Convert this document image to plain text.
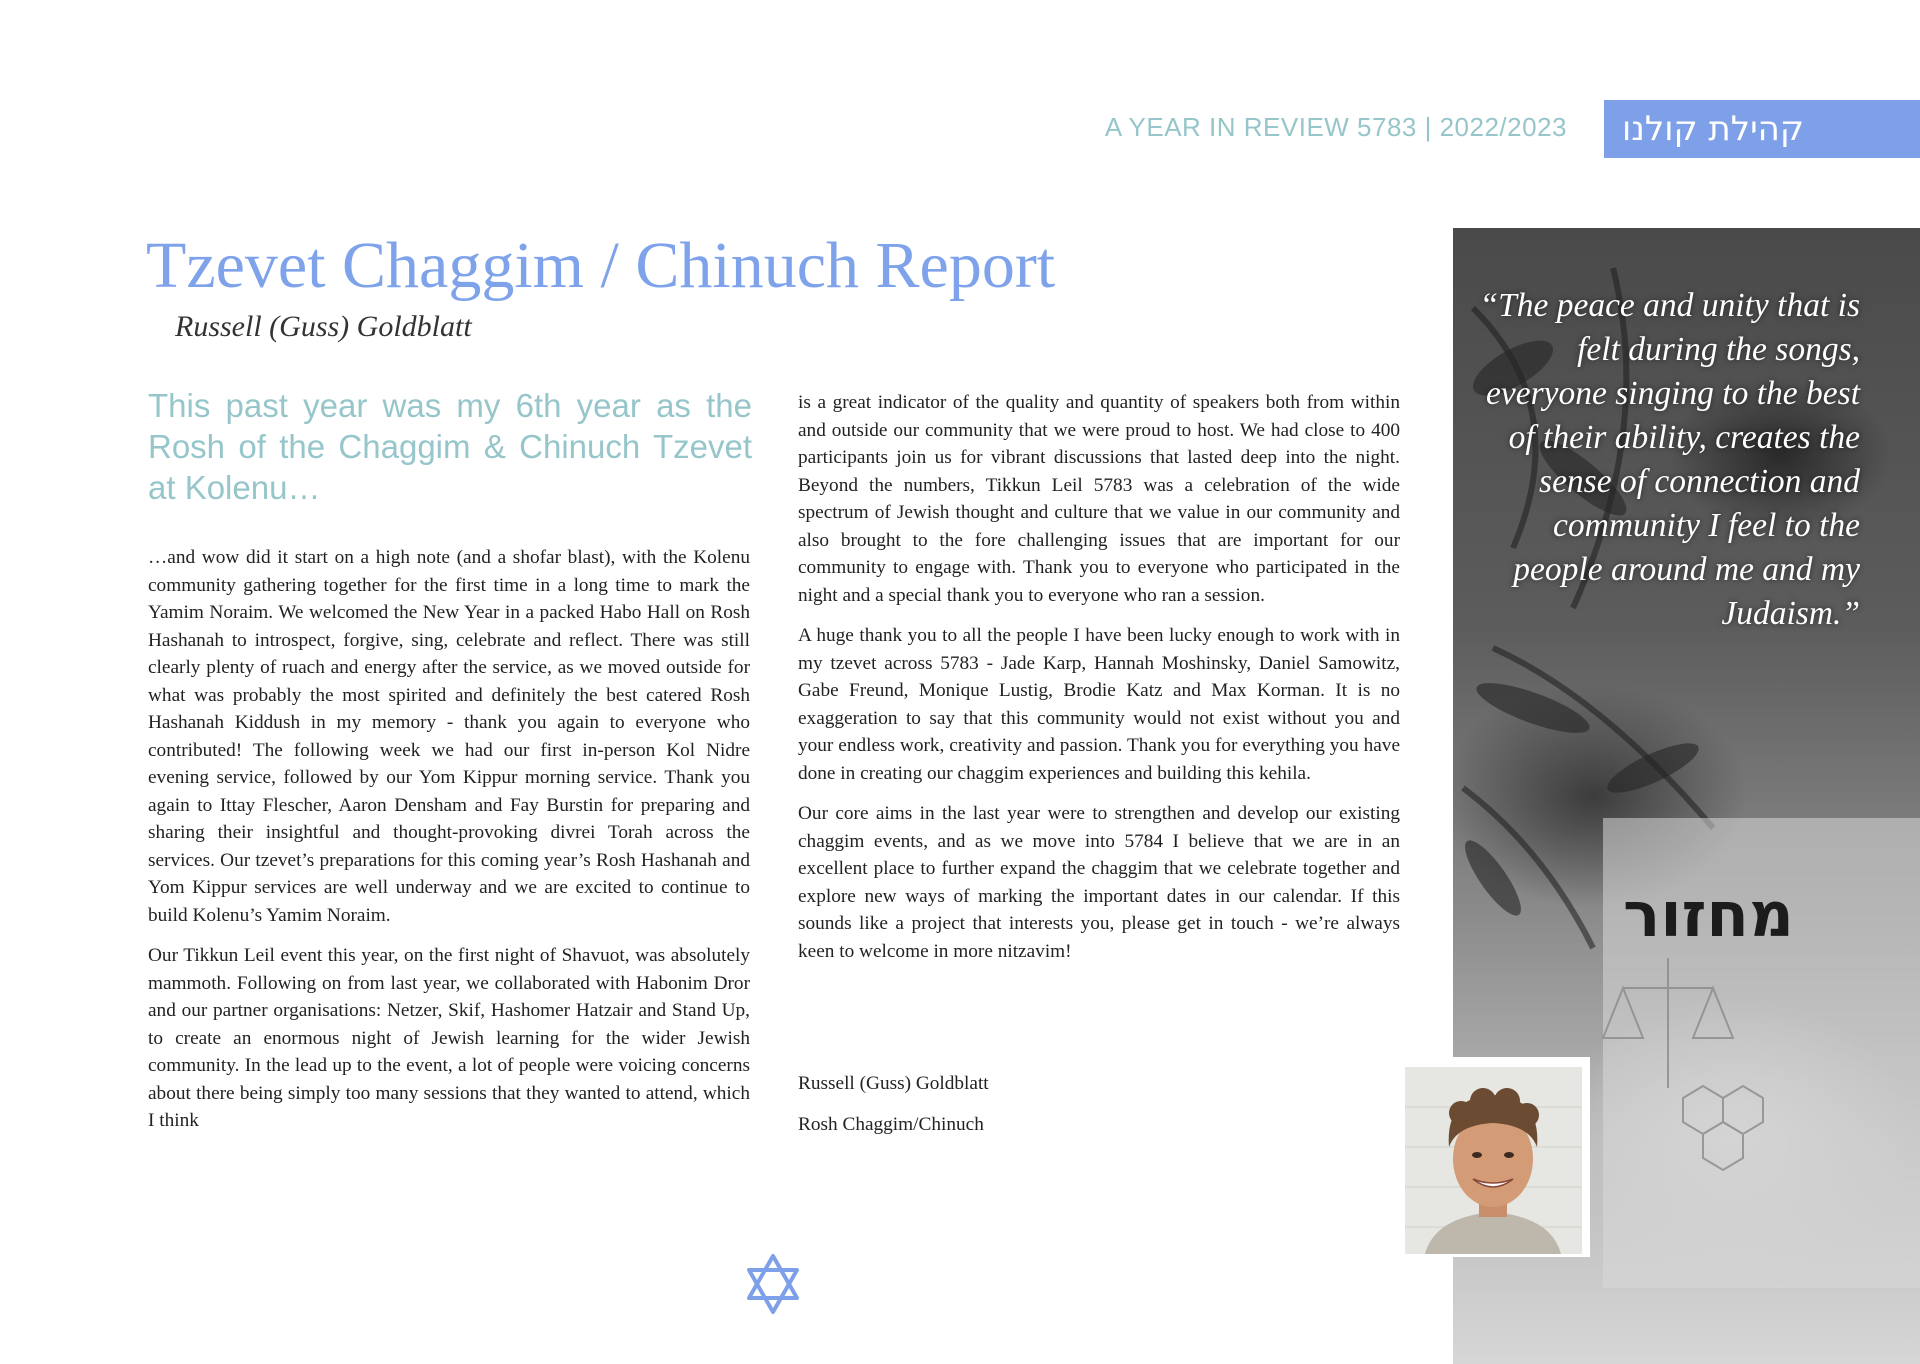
A YEAR IN REVIEW 5783 | 2022/2023 קהילת קולנו
Tzevet Chaggim / Chinuch Report
Russell (Guss) Goldblatt
This past year was my 6th year as the Rosh of the Chaggim & Chinuch Tzevet at Kolenu…

…and wow did it start on a high note (and a shofar blast), with the Kolenu community gathering together for the first time in a long time to mark the Yamim Noraim. We welcomed the New Year in a packed Habo Hall on Rosh Hashanah to introspect, forgive, sing, celebrate and reflect. There was still clearly plenty of ruach and energy after the service, as we moved outside for what was probably the most spirited and definitely the best catered Rosh Hashanah Kiddush in my memory - thank you again to everyone who contributed! The following week we had our first in-person Kol Nidre evening service, followed by our Yom Kippur morning service. Thank you again to Ittay Flescher, Aaron Densham and Fay Burstin for preparing and sharing their insightful and thought-provoking divrei Torah across the services. Our tzevet’s preparations for this coming year’s Rosh Hashanah and Yom Kippur services are well underway and we are excited to continue to build Kolenu’s Yamim Noraim.

Our Tikkun Leil event this year, on the first night of Shavuot, was absolutely mammoth. Following on from last year, we collaborated with Habonim Dror and our partner organisations: Netzer, Skif, Hashomer Hatzair and Stand Up, to create an enormous night of Jewish learning for the wider Jewish community. In the lead up to the event, a lot of people were voicing concerns about there being simply too many sessions that they wanted to attend, which I think

is a great indicator of the quality and quantity of speakers both from within and outside our community that we were proud to host. We had close to 400 participants join us for vibrant discussions that lasted deep into the night. Beyond the numbers, Tikkun Leil 5783 was a celebration of the wide spectrum of Jewish thought and culture that we value in our community and also brought to the fore challenging issues that are important for our community to engage with. Thank you to everyone who participated in the night and a special thank you to everyone who ran a session.

A huge thank you to all the people I have been lucky enough to work with in my tzevet across 5783 - Jade Karp, Hannah Moshinsky, Daniel Samowitz, Gabe Freund, Monique Lustig, Brodie Katz and Max Korman. It is no exaggeration to say that this community would not exist without you and your endless work, creativity and passion. Thank you for everything you have done in creating our chaggim experiences and building this kehila.

Our core aims in the last year were to strengthen and develop our existing chaggim events, and as we move into 5784 I believe that we are in an excellent place to further expand the chaggim that we celebrate together and explore new ways of marking the important dates in our calendar. If this sounds like a project that interests you, please get in touch - we’re always keen to welcome in more nitzavim!

Russell (Guss) Goldblatt
Rosh Chaggim/Chinuch
מחזור
“The peace and unity that is felt during the songs, everyone singing to the best of their ability, creates the sense of connection and community I feel to the people around me and my Judaism.”
